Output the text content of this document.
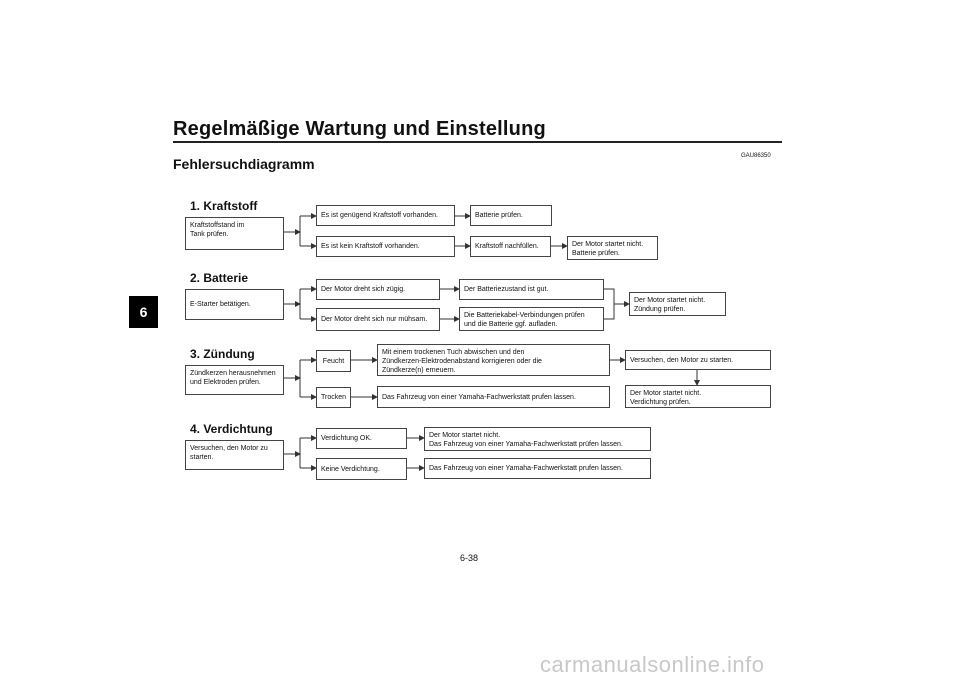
Regelmäßige Wartung und Einstellung
Fehlersuchdiagramm	GAU86350
6
1. Kraftstoff
Kraftstoffstand im
Tank prüfen.
Es ist genügend Kraftstoff vorhanden.	Batterie prüfen.
Es ist kein Kraftstoff vorhanden.	Kraftstoff nachfüllen.	Der Motor startet nicht.
Batterie prüfen.
2. Batterie
E-Starter betätigen.
Der Motor dreht sich zügig.	Der Batteriezustand ist gut.
Der Motor dreht sich nur mühsam.
Die Batteriekabel-Verbindungen prüfen
und die Batterie ggf. aufladen.
Der Motor startet nicht.
Zündung prüfen.
3. Zündung
Zündkerzen herausnehmen
und Elektroden prüfen.
Feucht
Mit einem trockenen Tuch abwischen und den
Zündkerzen-Elektrodenabstand korrigieren oder die
Zündkerze(n) erneuern.
Versuchen, den Motor zu starten.
Trocken	Das Fahrzeug von einer Yamaha-Fachwerkstatt prufen lassen.	Der Motor startet nicht.
Verdichtung prüfen.
4. Verdichtung
Versuchen, den Motor zu
starten.
Verdichtung OK.	Der Motor startet nicht.
Das Fahrzeug von einer Yamaha-Fachwerkstatt prüfen lassen.
Keine Verdichtung.	Das Fahrzeug von einer Yamaha-Fachwerkstatt prufen lassen.
6-38
carmanualsonline.info
